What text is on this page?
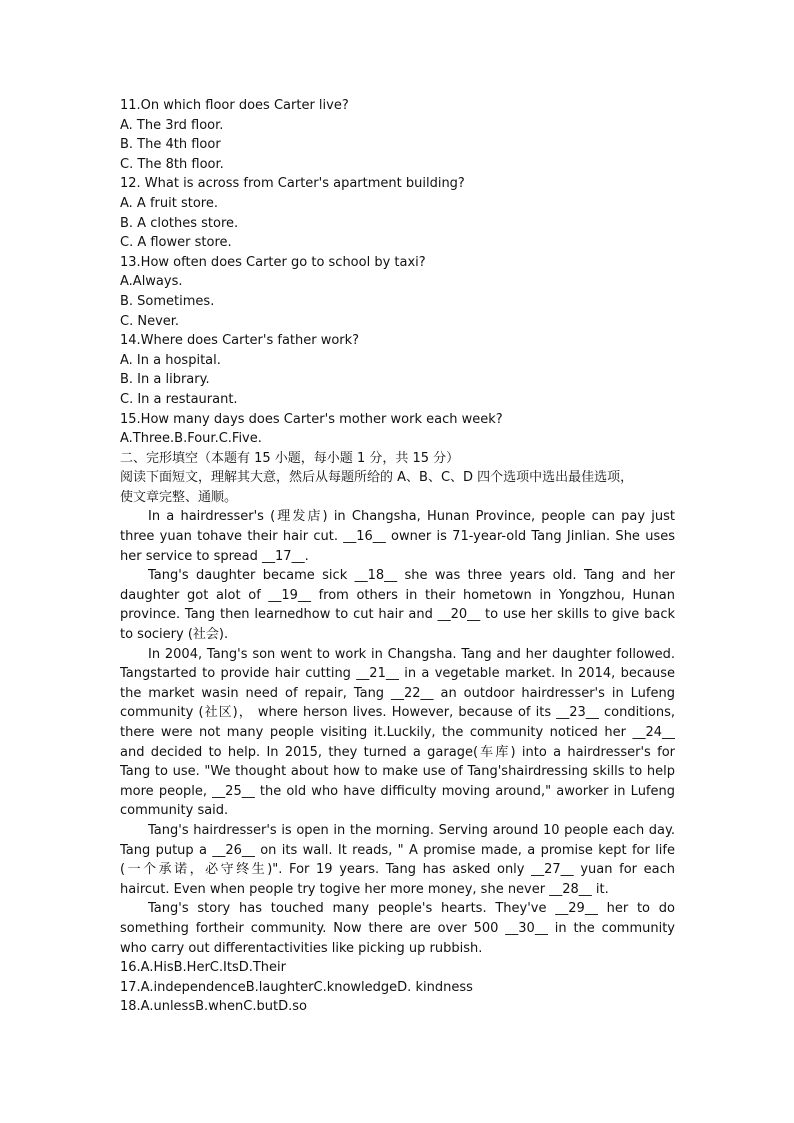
11.On which floor does Carter live?
A. The 3rd floor.
B. The 4th floor
C. The 8th floor.
12. What is across from Carter's apartment building?
A. A fruit store.
B. A clothes store.
C. A flower store.
13.How often does Carter go to school by taxi?
A.Always.
B. Sometimes.
C. Never.
14.Where does Carter's father work?
A. In a hospital.
B. In a library.
C. In a restaurant.
15.How many days does Carter's mother work each week?
A.Three.B.Four.C.Five.
二、完形填空（本题有 15 小题，每小题 1 分，共 15 分）
阅读下面短文，理解其大意，然后从每题所给的 A、B、C、D 四个选项中选出最佳选项，
使文章完整、通顺。
In a hairdresser's (理发店) in Changsha, Hunan Province, people can pay just
three yuan tohave their hair cut. __16__ owner is 71-year-old Tang Jinlian. She uses
her service to spread __17__.
Tang's daughter became sick __18__ she was three years old. Tang and her
daughter got alot of __19__ from others in their hometown in Yongzhou, Hunan
province. Tang then learnedhow to cut hair and __20__ to use her skills to give back
to sociery (社会).
In 2004, Tang's son went to work in Changsha. Tang and her daughter followed.
Tangstarted to provide hair cutting __21__ in a vegetable market. In 2014, because
the market wasin need of repair, Tang __22__ an outdoor hairdresser's in Lufeng
community (社区)， where herson lives. However, because of its __23__ conditions,
there were not many people visiting it.Luckily, the community noticed her __24__
and decided to help. In 2015, they turned a garage(车库) into a hairdresser's for
Tang to use. "We thought about how to make use of Tang'shairdressing skills to help
more people, __25__ the old who have difficulty moving around," aworker in Lufeng
community said.
Tang's hairdresser's is open in the morning. Serving around 10 people each day.
Tang putup a __26__ on its wall. It reads, " A promise made, a promise kept for life
(一个承诺，必守终生)". For 19 years. Tang has asked only __27__ yuan for each
haircut. Even when people try togive her more money, she never __28__ it.
Tang's story has touched many people's hearts. They've __29__ her to do
something fortheir community. Now there are over 500 __30__ in the community
who carry out differentactivities like picking up rubbish.
16.A.HisB.HerC.ItsD.Their
17.A.independenceB.laughterC.knowledgeD. kindness
18.A.unlessB.whenC.butD.so
